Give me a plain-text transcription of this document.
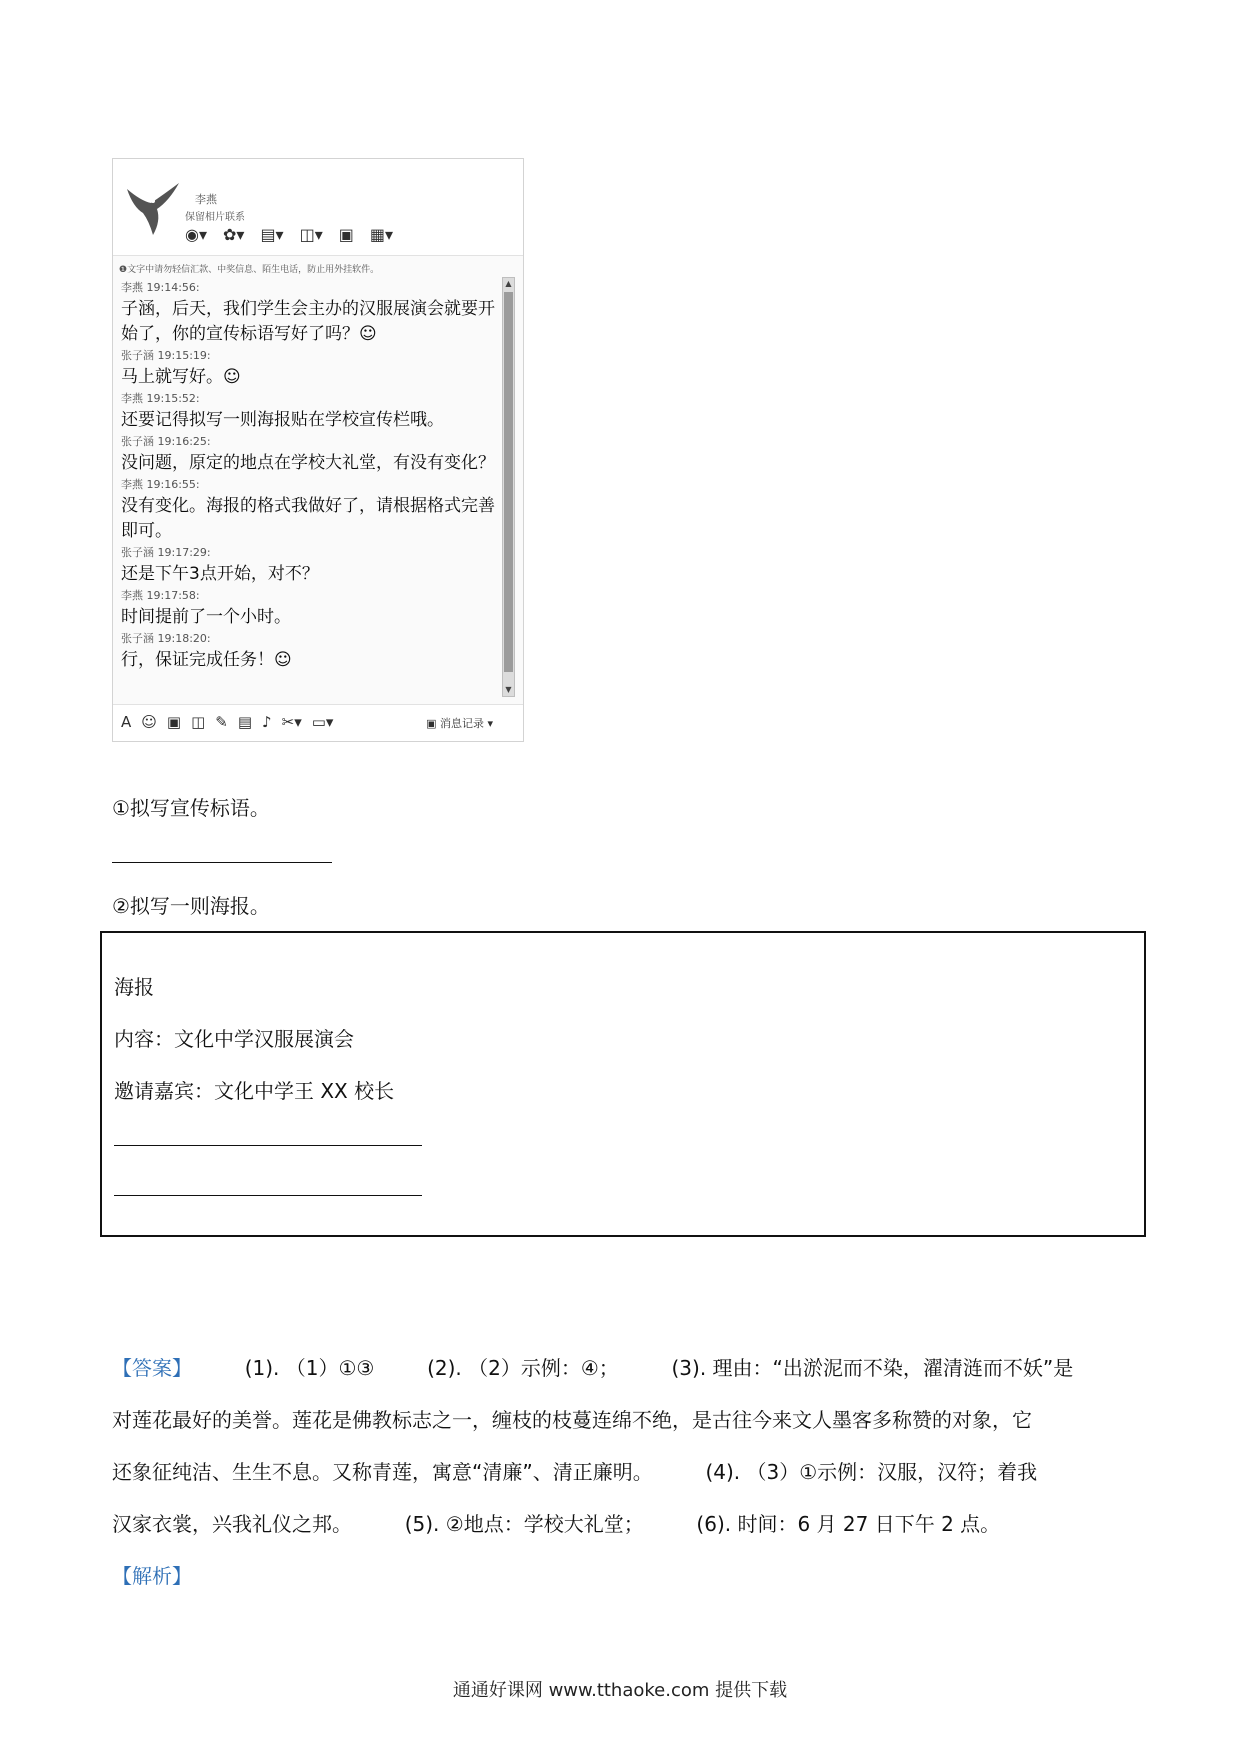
李燕
保留相片联系
◉▾ ✿▾ ▤▾ ◫▾ ▣ ▦▾
❶文字中请勿轻信汇款、中奖信息、陌生电话，防止用外挂软件。
李燕 19:14:56:
子涵，后天，我们学生会主办的汉服展演会就要开始了，你的宣传标语写好了吗？☺
张子涵 19:15:19:
马上就写好。☺
李燕 19:15:52:
还要记得拟写一则海报贴在学校宣传栏哦。
张子涵 19:16:25:
没问题，原定的地点在学校大礼堂，有没有变化？
李燕 19:16:55:
没有变化。海报的格式我做好了，请根据格式完善即可。
张子涵 19:17:29:
还是下午3点开始，对不？
李燕 19:17:58:
时间提前了一个小时。
张子涵 19:18:20:
行，保证完成任务！☺
▲
▼
A ☺ ▣ ◫ ✎ ▤ ♪ ✂▾ ▭▾	▣ 消息记录 ▾
①拟写宣传标语。
②拟写一则海报。
海报
内容：文化中学汉服展演会
邀请嘉宾：文化中学王 XX 校长
【答案】	(1). （1）①③	(2). （2）示例：④；	(3). 理由：“出淤泥而不染，濯清涟而不妖”是
对莲花最好的美誉。莲花是佛教标志之一，缠枝的枝蔓连绵不绝，是古往今来文人墨客多称赞的对象，它
还象征纯洁、生生不息。又称青莲，寓意“清廉”、清正廉明。	(4). （3）①示例：汉服，汉符；着我
汉家衣裳，兴我礼仪之邦。	(5). ②地点：学校大礼堂；	(6). 时间：6 月 27 日下午 2 点。
【解析】
通通好课网 www.tthaoke.com 提供下载
